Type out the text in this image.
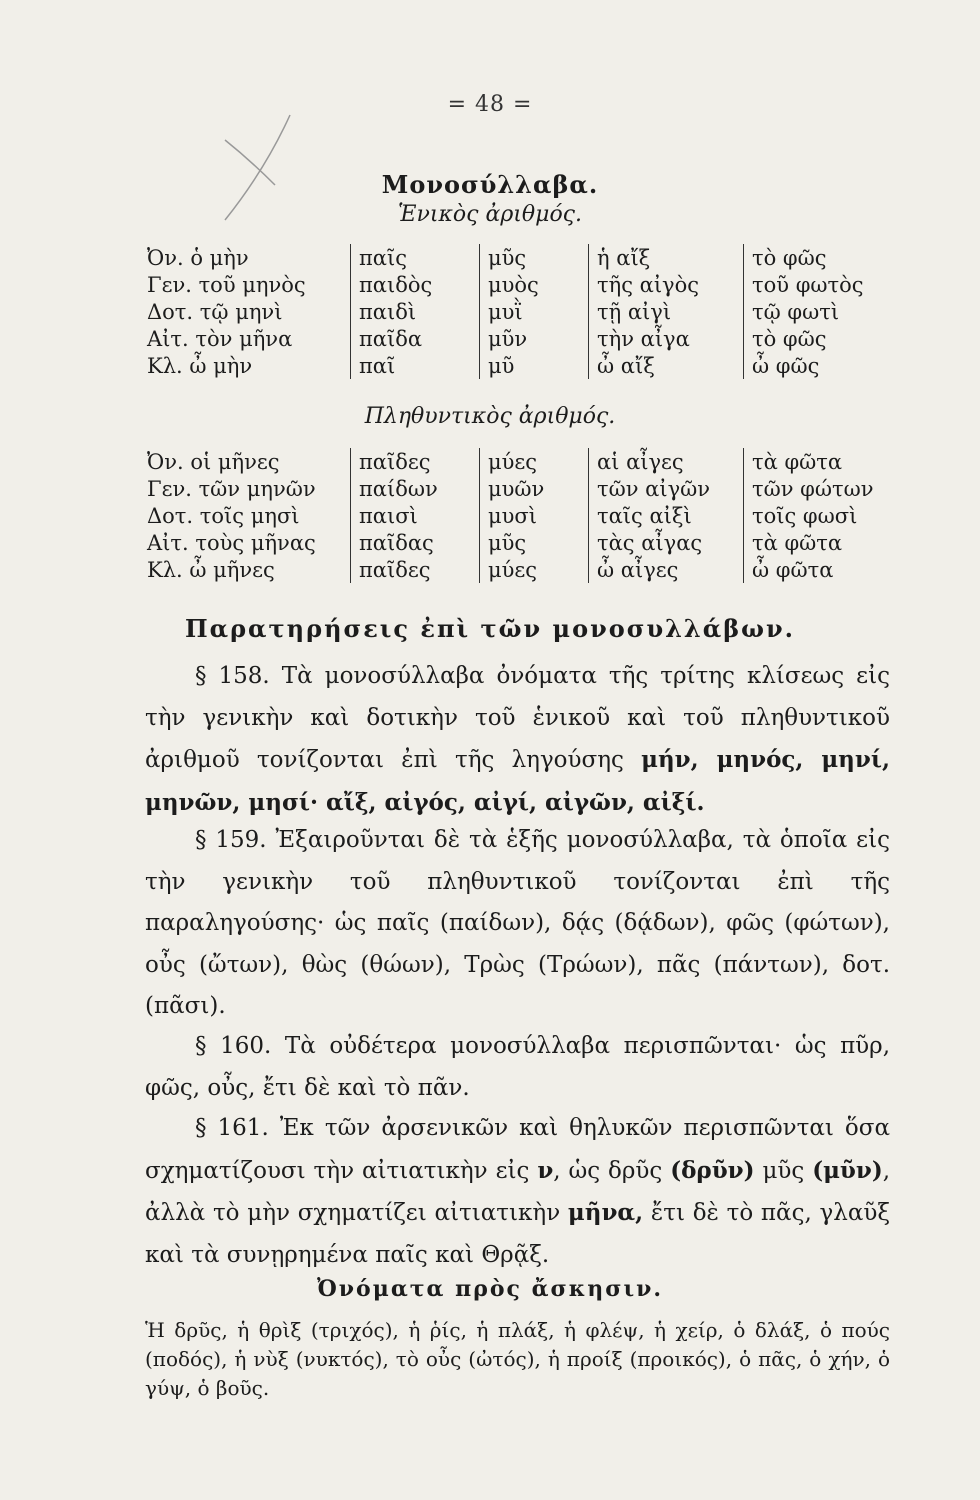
= 48 =
Μονοσύλλαβα.
Ἑνικὸς ἀριθμός.
Ὀν. ὁ μὴν	παῖς	μῦς	ἡ αἴξ	τὸ φῶς
Γεν. τοῦ μηνὸς	παιδὸς	μυὸς	τῆς αἰγὸς	τοῦ φωτὸς
Δοτ. τῷ μηνὶ	παιδὶ	μυῒ	τῇ αἰγὶ	τῷ φωτὶ
Αἰτ. τὸν μῆνα	παῖδα	μῦν	τὴν αἶγα	τὸ φῶς
Κλ. ὦ μὴν	παῖ	μῦ	ὦ αἴξ	ὦ φῶς
Πληθυντικὸς ἀριθμός.
Ὀν. οἱ μῆνες	παῖδες	μύες	αἱ αἶγες	τὰ φῶτα
Γεν. τῶν μηνῶν	παίδων	μυῶν	τῶν αἰγῶν	τῶν φώτων
Δοτ. τοῖς μησὶ	παισὶ	μυσὶ	ταῖς αἰξὶ	τοῖς φωσὶ
Αἰτ. τοὺς μῆνας	παῖδας	μῦς	τὰς αἶγας	τὰ φῶτα
Κλ. ὦ μῆνες	παῖδες	μύες	ὦ αἶγες	ὦ φῶτα
Παρατηρήσεις ἐπὶ τῶν μονοσυλλάβων.
§ 158. Τὰ μονοσύλλαβα ὀνόματα τῆς τρίτης κλίσεως εἰς τὴν γενικὴν καὶ δοτικὴν τοῦ ἑνικοῦ καὶ τοῦ πληθυντικοῦ ἀριθμοῦ τονίζονται ἐπὶ τῆς ληγούσης μήν, μηνός, μηνί, μηνῶν, μησί· αἴξ, αἰγός, αἰγί, αἰγῶν, αἰξί.
§ 159. Ἐξαιροῦνται δὲ τὰ ἑξῆς μονοσύλλαβα, τὰ ὁποῖα εἰς τὴν γενικὴν τοῦ πληθυντικοῦ τονίζονται ἐπὶ τῆς παραληγούσης· ὡς παῖς (παίδων), δᾴς (δᾴδων), φῶς (φώτων), οὖς (ὤτων), θὼς (θώων), Τρὼς (Τρώων), πᾶς (πάντων), δοτ. (πᾶσι).
§ 160. Τὰ οὐδέτερα μονοσύλλαβα περισπῶνται· ὡς πῦρ, φῶς, οὖς, ἔτι δὲ καὶ τὸ πᾶν.
§ 161. Ἐκ τῶν ἀρσενικῶν καὶ θηλυκῶν περισπῶνται ὅσα σχηματίζουσι τὴν αἰτιατικὴν εἰς ν, ὡς δρῦς (δρῦν) μῦς (μῦν), ἀλλὰ τὸ μὴν σχηματίζει αἰτιατικὴν μῆνα, ἔτι δὲ τὸ πᾶς, γλαῦξ καὶ τὰ συνῃρημένα παῖς καὶ Θρᾷξ.
Ὀνόματα πρὸς ἄσκησιν.
Ἡ δρῦς, ἡ θρὶξ (τριχός), ἡ ῥίς, ἡ πλάξ, ἡ φλέψ, ἡ χείρ, ὁ δλάξ, ὁ πούς (ποδός), ἡ νὺξ (νυκτός), τὸ οὖς (ὠτός), ἡ προίξ (προικός), ὁ πᾶς, ὁ χήν, ὁ γύψ, ὁ βοῦς.
